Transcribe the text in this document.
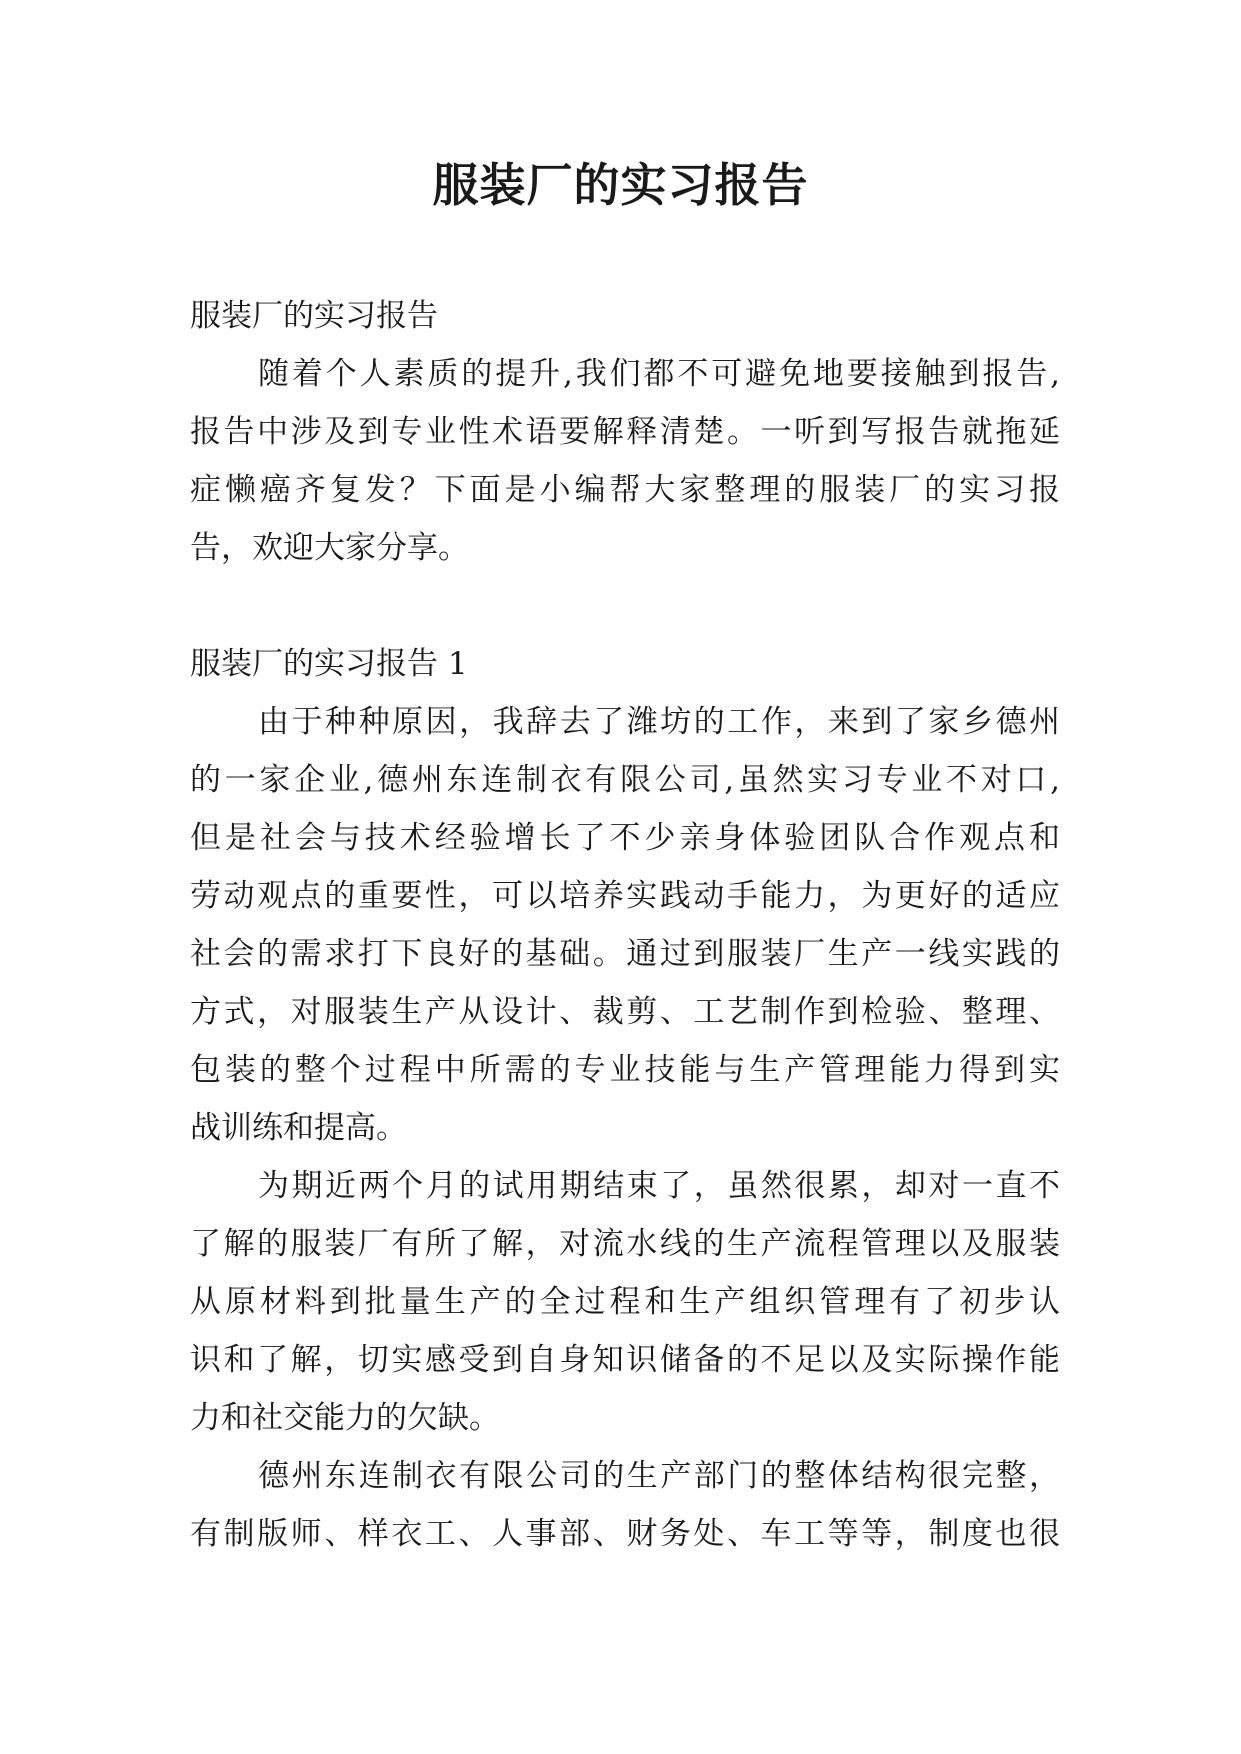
服装厂的实习报告
服装厂的实习报告
随着个人素质的提升,我们都不可避免地要接触到报告,
报告中涉及到专业性术语要解释清楚。一听到写报告就拖延
症懒癌齐复发？下面是小编帮大家整理的服装厂的实习报
告，欢迎大家分享。
服装厂的实习报告 1
由于种种原因，我辞去了潍坊的工作，来到了家乡德州
的一家企业,德州东连制衣有限公司,虽然实习专业不对口,
但是社会与技术经验增长了不少亲身体验团队合作观点和
劳动观点的重要性，可以培养实践动手能力，为更好的适应
社会的需求打下良好的基础。通过到服装厂生产一线实践的
方式，对服装生产从设计、裁剪、工艺制作到检验、整理、
包装的整个过程中所需的专业技能与生产管理能力得到实
战训练和提高。
为期近两个月的试用期结束了，虽然很累，却对一直不
了解的服装厂有所了解，对流水线的生产流程管理以及服装
从原材料到批量生产的全过程和生产组织管理有了初步认
识和了解，切实感受到自身知识储备的不足以及实际操作能
力和社交能力的欠缺。
德州东连制衣有限公司的生产部门的整体结构很完整，
有制版师、样衣工、人事部、财务处、车工等等，制度也很
